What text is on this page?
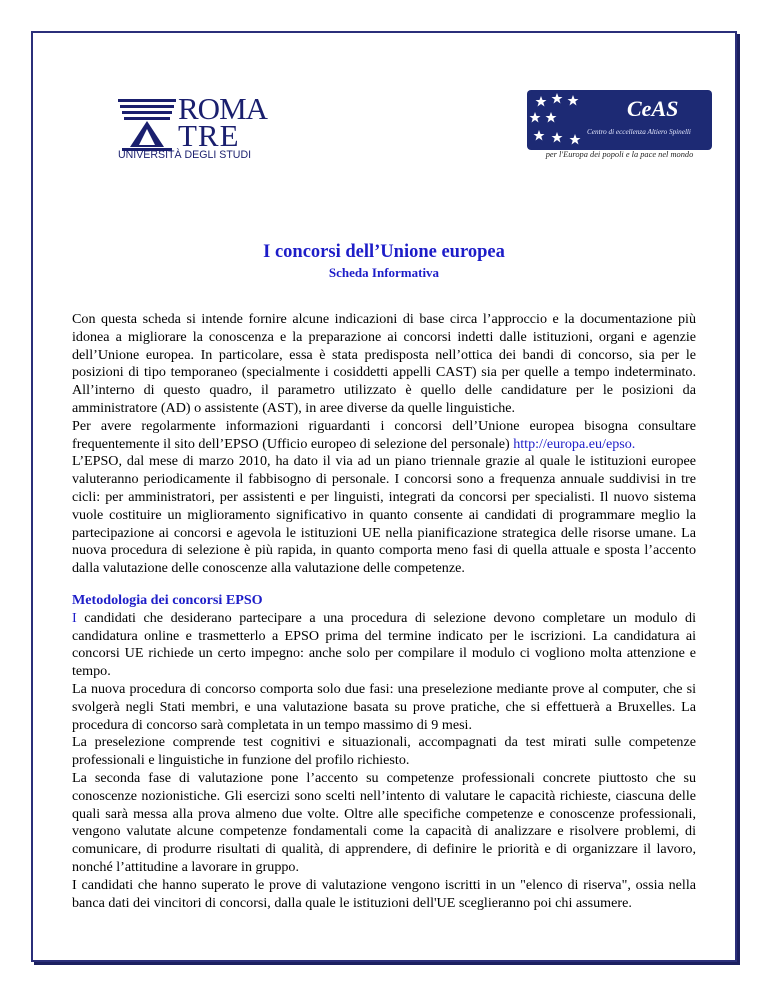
ROMA
TRE
UNIVERSITÀ DEGLI STUDI
CeAS
Centro di eccellenza Altiero Spinelli
per l'Europa dei popoli e la pace nel mondo
I concorsi dell’Unione europea
Scheda Informativa

Con questa scheda si intende fornire alcune indicazioni di base circa l’approccio e la documentazione più idonea a migliorare la conoscenza e la preparazione ai concorsi indetti dalle istituzioni, organi e agenzie dell’Unione europea. In particolare, essa è stata predisposta nell’ottica dei bandi di concorso, sia per le posizioni di tipo temporaneo (specialmente i cosiddetti appelli CAST) sia per quelle a tempo indeterminato. All’interno di questo quadro, il parametro utilizzato è quello delle candidature per le posizioni da amministratore (AD) o assistente (AST), in aree diverse da quelle linguistiche.

Per avere regolarmente informazioni riguardanti i concorsi dell’Unione europea bisogna consultare frequentemente il sito dell’EPSO (Ufficio europeo di selezione del personale) http://europa.eu/epso.

L’EPSO, dal mese di marzo 2010, ha dato il via ad un piano triennale grazie al quale le istituzioni europee valuteranno periodicamente il fabbisogno di personale. I concorsi sono a frequenza annuale suddivisi in tre cicli: per amministratori, per assistenti e per linguisti, integrati da concorsi per specialisti. Il nuovo sistema vuole costituire un miglioramento significativo in quanto consente ai candidati di programmare meglio la partecipazione ai concorsi e agevola le istituzioni UE nella pianificazione strategica delle risorse umane. La nuova procedura di selezione è più rapida, in quanto comporta meno fasi di quella attuale e sposta l’accento dalla valutazione delle conoscenze alla valutazione delle competenze.

Metodologia dei concorsi EPSO

I candidati che desiderano partecipare a una procedura di selezione devono completare un modulo di candidatura online e trasmetterlo a EPSO prima del termine indicato per le iscrizioni. La candidatura ai concorsi UE richiede un certo impegno: anche solo per compilare il modulo ci vogliono molta attenzione e tempo.

La nuova procedura di concorso comporta solo due fasi: una preselezione mediante prove al computer, che si svolgerà negli Stati membri, e una valutazione basata su prove pratiche, che si effettuerà a Bruxelles. La procedura di concorso sarà completata in un tempo massimo di 9 mesi.

La preselezione comprende test cognitivi e situazionali, accompagnati da test mirati sulle competenze professionali e linguistiche in funzione del profilo richiesto.

La seconda fase di valutazione pone l’accento su competenze professionali concrete piuttosto che su conoscenze nozionistiche. Gli esercizi sono scelti nell’intento di valutare le capacità richieste, ciascuna delle quali sarà messa alla prova almeno due volte. Oltre alle specifiche competenze e conoscenze professionali, vengono valutate alcune competenze fondamentali come la capacità di analizzare e risolvere problemi, di comunicare, di produrre risultati di qualità, di apprendere, di definire le priorità e di organizzare il lavoro, nonché l’attitudine a lavorare in gruppo.

I candidati che hanno superato le prove di valutazione vengono iscritti in un "elenco di riserva", ossia nella banca dati dei vincitori di concorsi, dalla quale le istituzioni dell'UE sceglieranno poi chi assumere.
